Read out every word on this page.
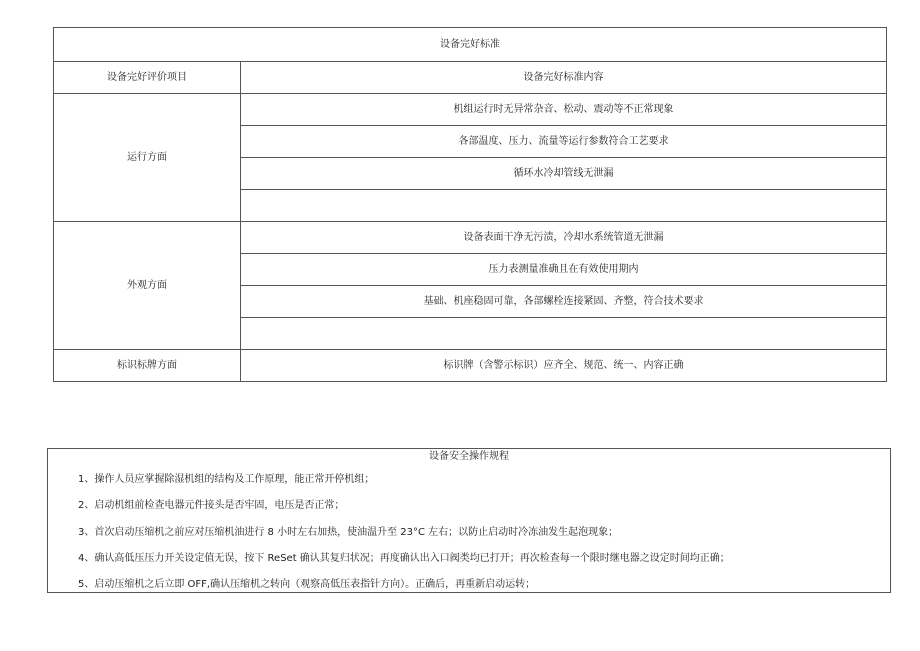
设备完好标准	
设备完好评价项目	设备完好标准内容
运行方面	机组运行时无异常杂音、松动、震动等不正常现象
	各部温度、压力、流量等运行参数符合工艺要求
	循环水冷却管线无泄漏

外观方面	设备表面干净无污渍，冷却水系统管道无泄漏
	压力表测量准确且在有效使用期内
	基础、机座稳固可靠，各部螺栓连接紧固、齐整，符合技术要求

标识标牌方面	标识牌（含警示标识）应齐全、规范、统一、内容正确
设备安全操作规程
1、操作人员应掌握除湿机组的结构及工作原理，能正常开停机组；
2、启动机组前检查电器元件接头是否牢固，电压是否正常；
3、首次启动压缩机之前应对压缩机油进行 8 小时左右加热，使油温升至 23°C 左右；以防止启动时冷冻油发生起泡现象；
4、确认高低压压力开关设定值无误，按下 ReSet 确认其复归状况；再度确认出入口阀类均已打开；再次检查每一个限时继电器之设定时间均正确；
5、启动压缩机之后立即 OFF,确认压缩机之转向（观察高低压表指针方向）。正确后，再重新启动运转；
